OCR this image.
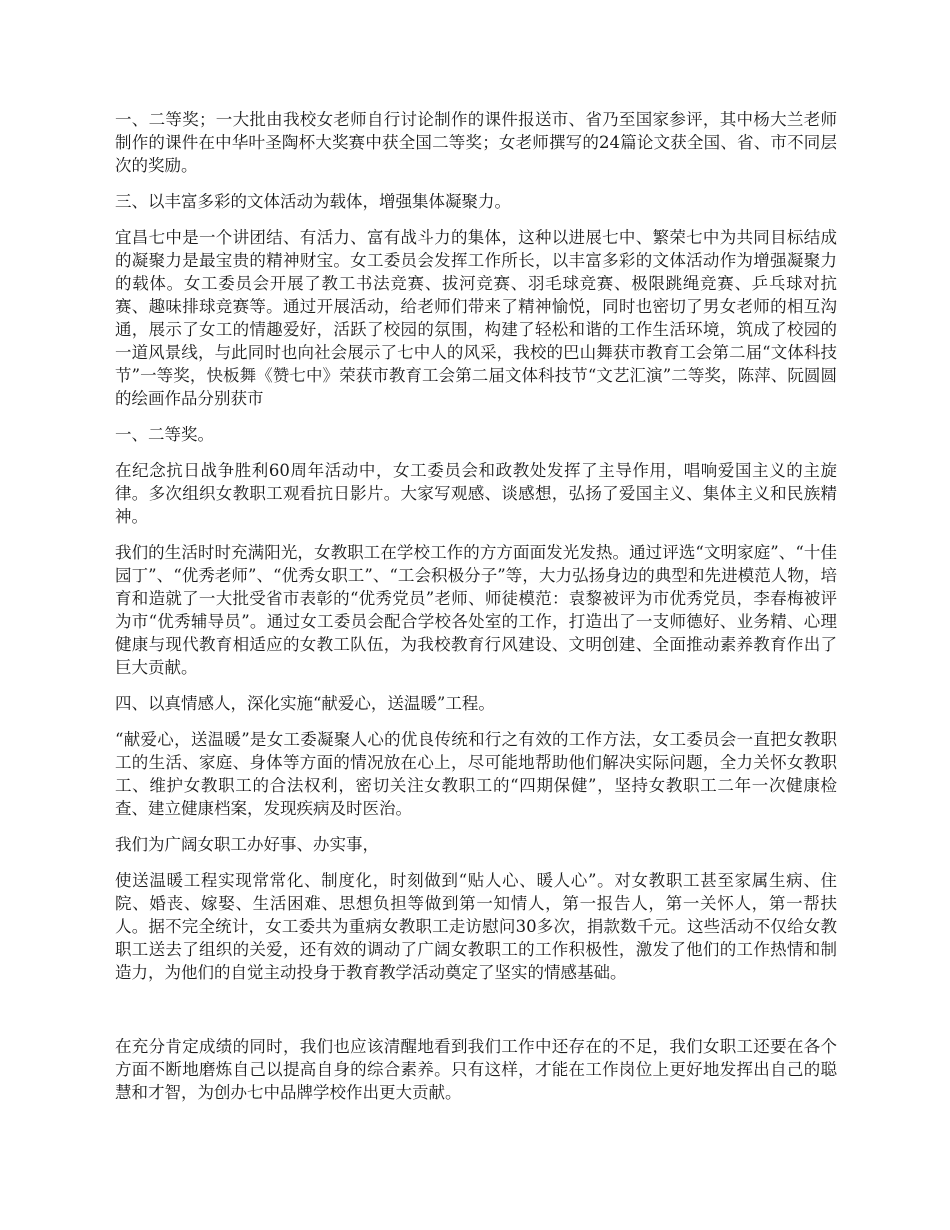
一、二等奖；一大批由我校女老师自行讨论制作的课件报送市、省乃至国家参评，其中杨大兰老师制作的课件在中华叶圣陶杯大奖赛中获全国二等奖；女老师撰写的24篇论文获全国、省、市不同层次的奖励。

三、以丰富多彩的文体活动为载体，增强集体凝聚力。

宜昌七中是一个讲团结、有活力、富有战斗力的集体，这种以进展七中、繁荣七中为共同目标结成的凝聚力是最宝贵的精神财宝。女工委员会发挥工作所长，以丰富多彩的文体活动作为增强凝聚力的载体。女工委员会开展了教工书法竞赛、拔河竞赛、羽毛球竞赛、极限跳绳竞赛、乒乓球对抗赛、趣味排球竞赛等。通过开展活动，给老师们带来了精神愉悦，同时也密切了男女老师的相互沟通，展示了女工的情趣爱好，活跃了校园的氛围，构建了轻松和谐的工作生活环境，筑成了校园的一道风景线，与此同时也向社会展示了七中人的风采，我校的巴山舞获市教育工会第二届“文体科技节”一等奖，快板舞《赞七中》荣获市教育工会第二届文体科技节“文艺汇演”二等奖，陈萍、阮圆圆的绘画作品分别获市

一、二等奖。

在纪念抗日战争胜利60周年活动中，女工委员会和政教处发挥了主导作用，唱响爱国主义的主旋律。多次组织女教职工观看抗日影片。大家写观感、谈感想，弘扬了爱国主义、集体主义和民族精神。

我们的生活时时充满阳光，女教职工在学校工作的方方面面发光发热。通过评选“文明家庭”、“十佳园丁”、“优秀老师”、“优秀女职工”、“工会积极分子”等，大力弘扬身边的典型和先进模范人物，培育和造就了一大批受省市表彰的“优秀党员”老师、师徒模范：袁黎被评为市优秀党员，李春梅被评为市“优秀辅导员”。通过女工委员会配合学校各处室的工作，打造出了一支师德好、业务精、心理健康与现代教育相适应的女教工队伍，为我校教育行风建设、文明创建、全面推动素养教育作出了巨大贡献。

四、以真情感人，深化实施“献爱心，送温暖”工程。

“献爱心，送温暖”是女工委凝聚人心的优良传统和行之有效的工作方法，女工委员会一直把女教职工的生活、家庭、身体等方面的情况放在心上，尽可能地帮助他们解决实际问题，全力关怀女教职工、维护女教职工的合法权利，密切关注女教职工的“四期保健”，坚持女教职工二年一次健康检查、建立健康档案，发现疾病及时医治。

我们为广阔女职工办好事、办实事，

使送温暖工程实现常常化、制度化，时刻做到“贴人心、暖人心”。对女教职工甚至家属生病、住院、婚丧、嫁娶、生活困难、思想负担等做到第一知情人，第一报告人，第一关怀人，第一帮扶人。据不完全统计，女工委共为重病女教职工走访慰问30多次，捐款数千元。这些活动不仅给女教职工送去了组织的关爱，还有效的调动了广阔女教职工的工作积极性，激发了他们的工作热情和制造力，为他们的自觉主动投身于教育教学活动奠定了坚实的情感基础。

在充分肯定成绩的同时，我们也应该清醒地看到我们工作中还存在的不足，我们女职工还要在各个方面不断地磨炼自己以提高自身的综合素养。只有这样，才能在工作岗位上更好地发挥出自己的聪慧和才智，为创办七中品牌学校作出更大贡献。
